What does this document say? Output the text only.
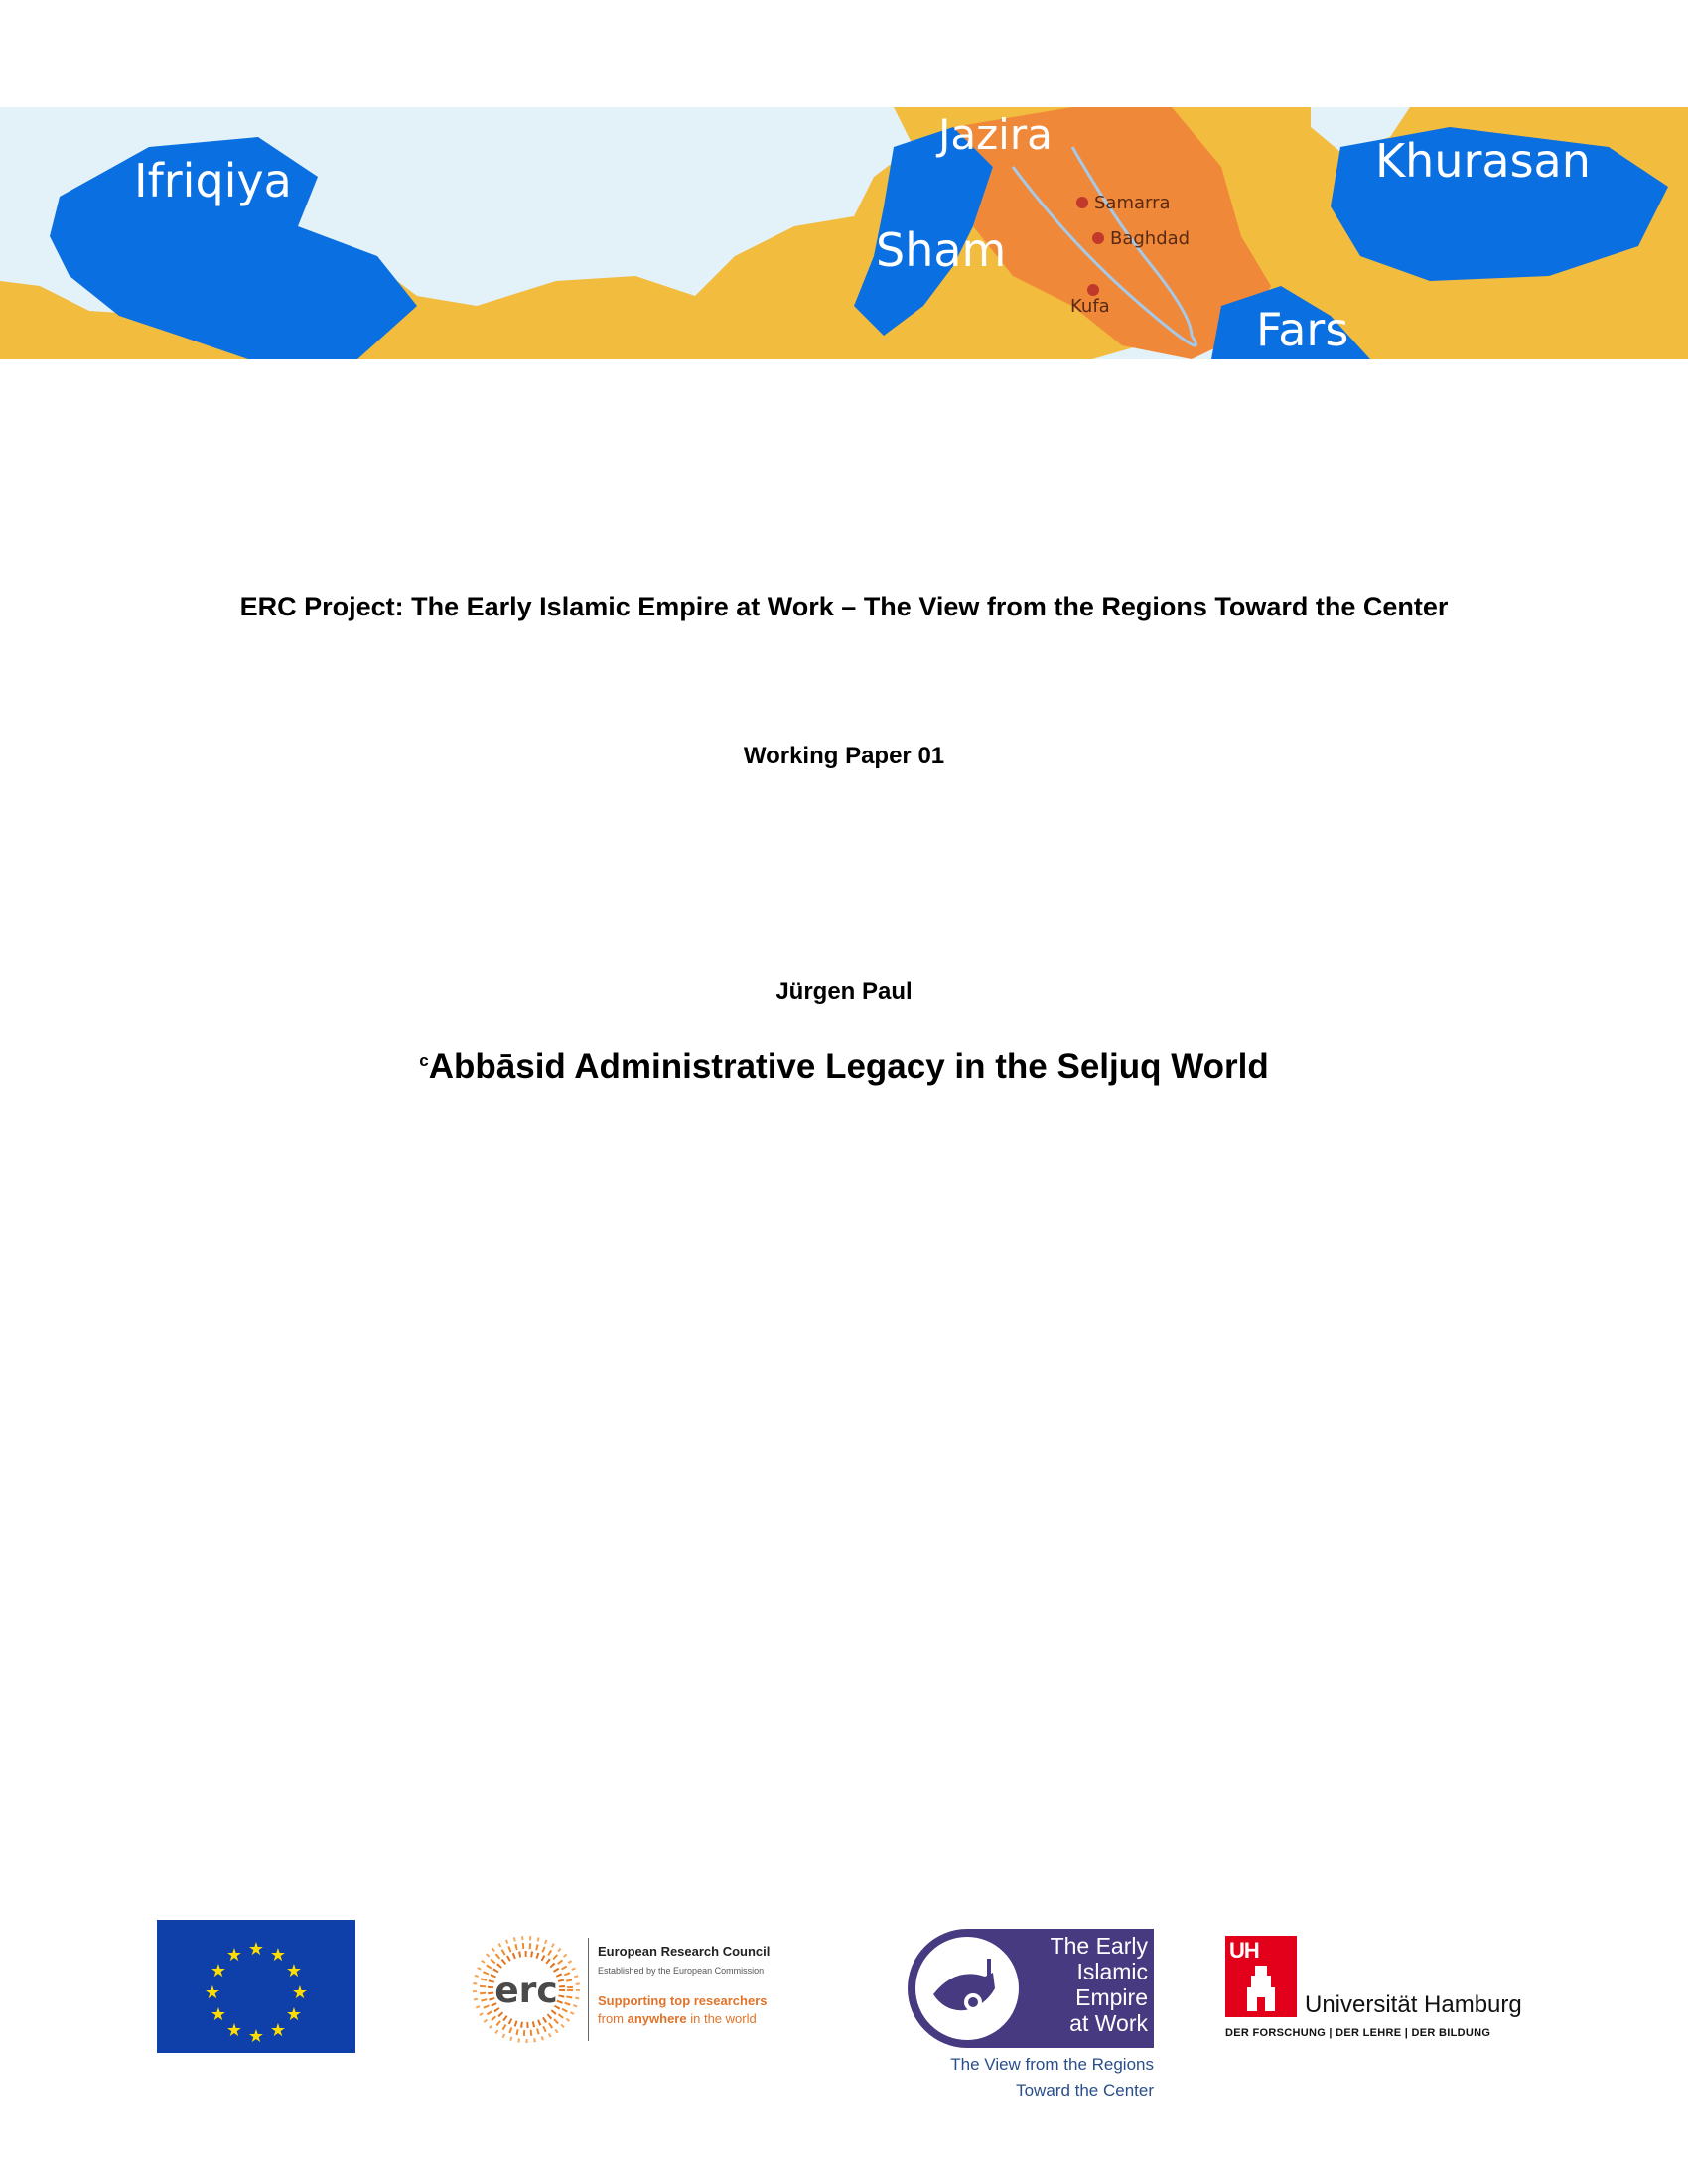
Ifriqiya
Jazira
Sham
Khurasan
Fars
Samarra
Baghdad
Kufa
ERC Project: The Early Islamic Empire at Work – The View from the Regions Toward the Center
Working Paper 01
Jürgen Paul
$^c$Abbāsid Administrative Legacy in the Seljuq World
★ ★
★
★
★
★
★
★
★
★
★
★
erc
European Research Council
Established by the European Commission
Supporting top researchers
from anywhere in the world
The Early
Islamic
Empire
at Work
The View from the Regions
Toward the Center
UH
Universität Hamburg
DER FORSCHUNG | DER LEHRE | DER BILDUNG
